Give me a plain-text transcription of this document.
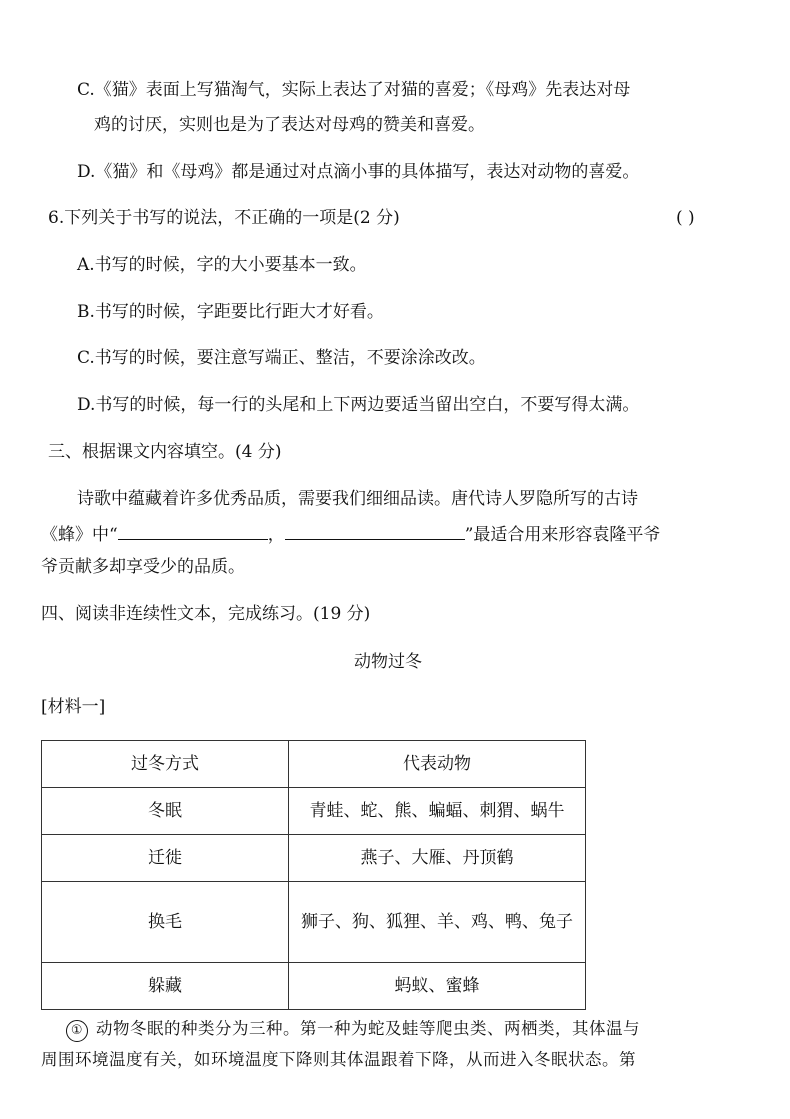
C.《猫》表面上写猫淘气，实际上表达了对猫的喜爱；《母鸡》先表达对母
鸡的讨厌，实则也是为了表达对母鸡的赞美和喜爱。
D.《猫》和《母鸡》都是通过对点滴小事的具体描写，表达对动物的喜爱。
6.下列关于书写的说法，不正确的一项是(2 分)	( )
A.书写的时候，字的大小要基本一致。
B.书写的时候，字距要比行距大才好看。
C.书写的时候，要注意写端正、整洁，不要涂涂改改。
D.书写的时候，每一行的头尾和上下两边要适当留出空白，不要写得太满。
三、根据课文内容填空。(4 分)
诗歌中蕴藏着许多优秀品质，需要我们细细品读。唐代诗人罗隐所写的古诗
《蜂》中“	，	”最适合用来形容袁隆平爷
爷贡献多却享受少的品质。
四、阅读非连续性文本，完成练习。(19 分)
动物过冬
[材料一]
过冬方式	代表动物
冬眠	青蛙、蛇、熊、蝙蝠、刺猬、蜗牛
迁徙	燕子、大雁、丹顶鹤
换毛	狮子、狗、狐狸、羊、鸡、鸭、兔子
躲藏	蚂蚁、蜜蜂
① 动物冬眠的种类分为三种。第一种为蛇及蛙等爬虫类、两栖类，其体温与
周围环境温度有关，如环境温度下降则其体温跟着下降，从而进入冬眠状态。第
